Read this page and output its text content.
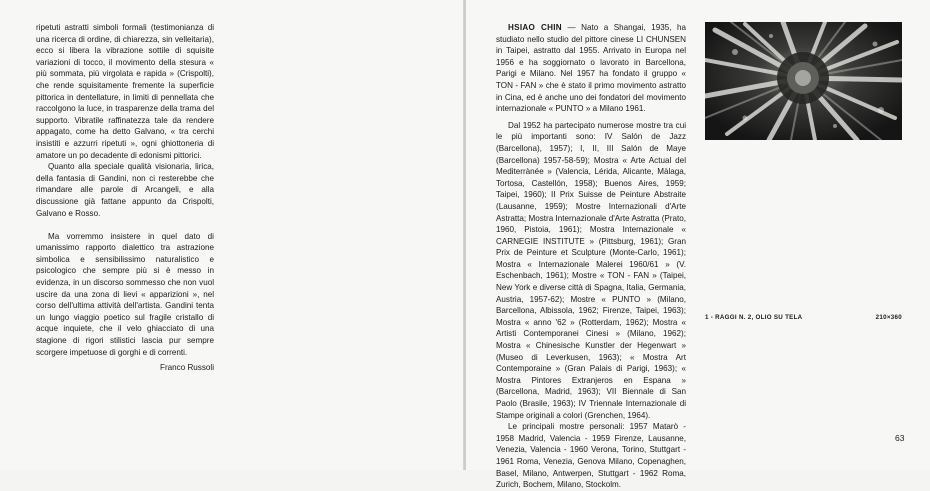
ripetuti astratti simboli formali (testimonianza di una ricerca di ordine, di chiarezza, sin velleitaria), ecco si libera la vibrazione sottile di squisite variazioni di tocco, il movimento della stesura « più sommata, più virgolata e rapida » (Crispolti), che rende squisitamente fremente la superficie pittorica in dentellature, in limiti di pennellata che raccolgono la luce, in trasparenze della trama del supporto. Vibratile raffinatezza tale da rendere appagato, come ha detto Galvano, « tra cerchi insistiti e azzurri ripetuti », ogni ghiottoneria di amatore un po decadente di edonismi pittorici.

Quanto alla speciale qualità visionaria, lirica, della fantasia di Gandini, non ci resterebbe che rimandare alle parole di Arcangeli, e alla discussione già fattane appunto da Crispolti, Galvano e Rosso.

Ma vorremmo insistere in quel dato di umanissimo rapporto dialettico tra astrazione simbolica e sensibilissimo naturalistico e psicologico che sempre più si è messo in evidenza, in un discorso sommesso che non vuol uscire da una zona di lievi « apparizioni », nel corso dell'ultima attività dell'artista. Gandini tenta un lungo viaggio poetico sul fragile cristallo di acque inquiete, che il velo ghiacciato di una stagione di rigori stilistici lascia pur sempre scorgere impetuose di gorghi e di correnti.

Franco Russoli

HSIAO CHIN — Nato a Shangai, 1935, ha studiato nello studio del pittore cinese LI CHUNSEN in Taipei, astratto dal 1955. Arrivato in Europa nel 1956 e ha soggiornato o lavorato in Barcellona, Parigi e Milano. Nel 1957 ha fondato il gruppo « TON - FAN » che è stato il primo movimento astratto in Cina, ed è anche uno dei fondatori del movimento internazionale « PUNTO » a Milano 1961.

Dal 1952 ha partecipato numerose mostre tra cui le più importanti sono: IV Salón de Jazz (Barcellona), 1957); I, II, III Salón de Maye (Barcellona) 1957-58-59); Mostra « Arte Actual del Mediterrànée » (Valencia, Lérida, Alicante, Màlaga, Tortosa, Castellón, 1958); Buenos Aires, 1959; Taipei, 1960); II Prix Suisse de Peinture Abstraite (Lausanne, 1959); Mostre Internazionali d'Arte Astratta; Mostra Internazionale d'Arte Astratta (Prato, 1960, Pistoia, 1961); Mostra Internazionale « CARNEGIE INSTITUTE » (Pittsburg, 1961); Gran Prix de Peinture et Sculpture (Monte-Carlo, 1961); Mostra « Internazionale Malerei 1960/61 » (V. Eschenbach, 1961); Mostre « TON - FAN » (Taipei, New York e diverse città di Spagna, Italia, Germania, Austria, 1957-62); Mostre « PUNTO » (Milano, Barcellona, Albissola, 1962; Firenze, Taipei, 1963); Mostra « anno '62 » (Rotterdam, 1962); Mostra « Artisti Contemporanei Cinesi » (Milano, 1962); Mostra « Chinesische Kunstler der Hegenwart » (Museo di Leverkusen, 1963); « Mostra Art Contemporaine » (Gran Palais di Parigi, 1963); « Mostra Pintores Extranjeros en Espana » (Barcellona, Madrid, 1963); VII Biennale di San Paolo (Brasile, 1963); IV Triennale Internazionale di Stampe originali a colori (Grenchen, 1964).

Le principali mostre personali: 1957 Matarò - 1958 Madrid, Valencia - 1959 Firenze, Lausanne, Venezia, Valencia - 1960 Verona, Torino, Stuttgart - 1961 Roma, Venezia, Genova Milano, Copenaghen, Basel, Milano, Antwerpen, Stuttgart - 1962 Roma, Zurich, Bochem, Milano, Stockolm.

1 - RAGGI N. 2, OLIO SU TELA	210×360
63
